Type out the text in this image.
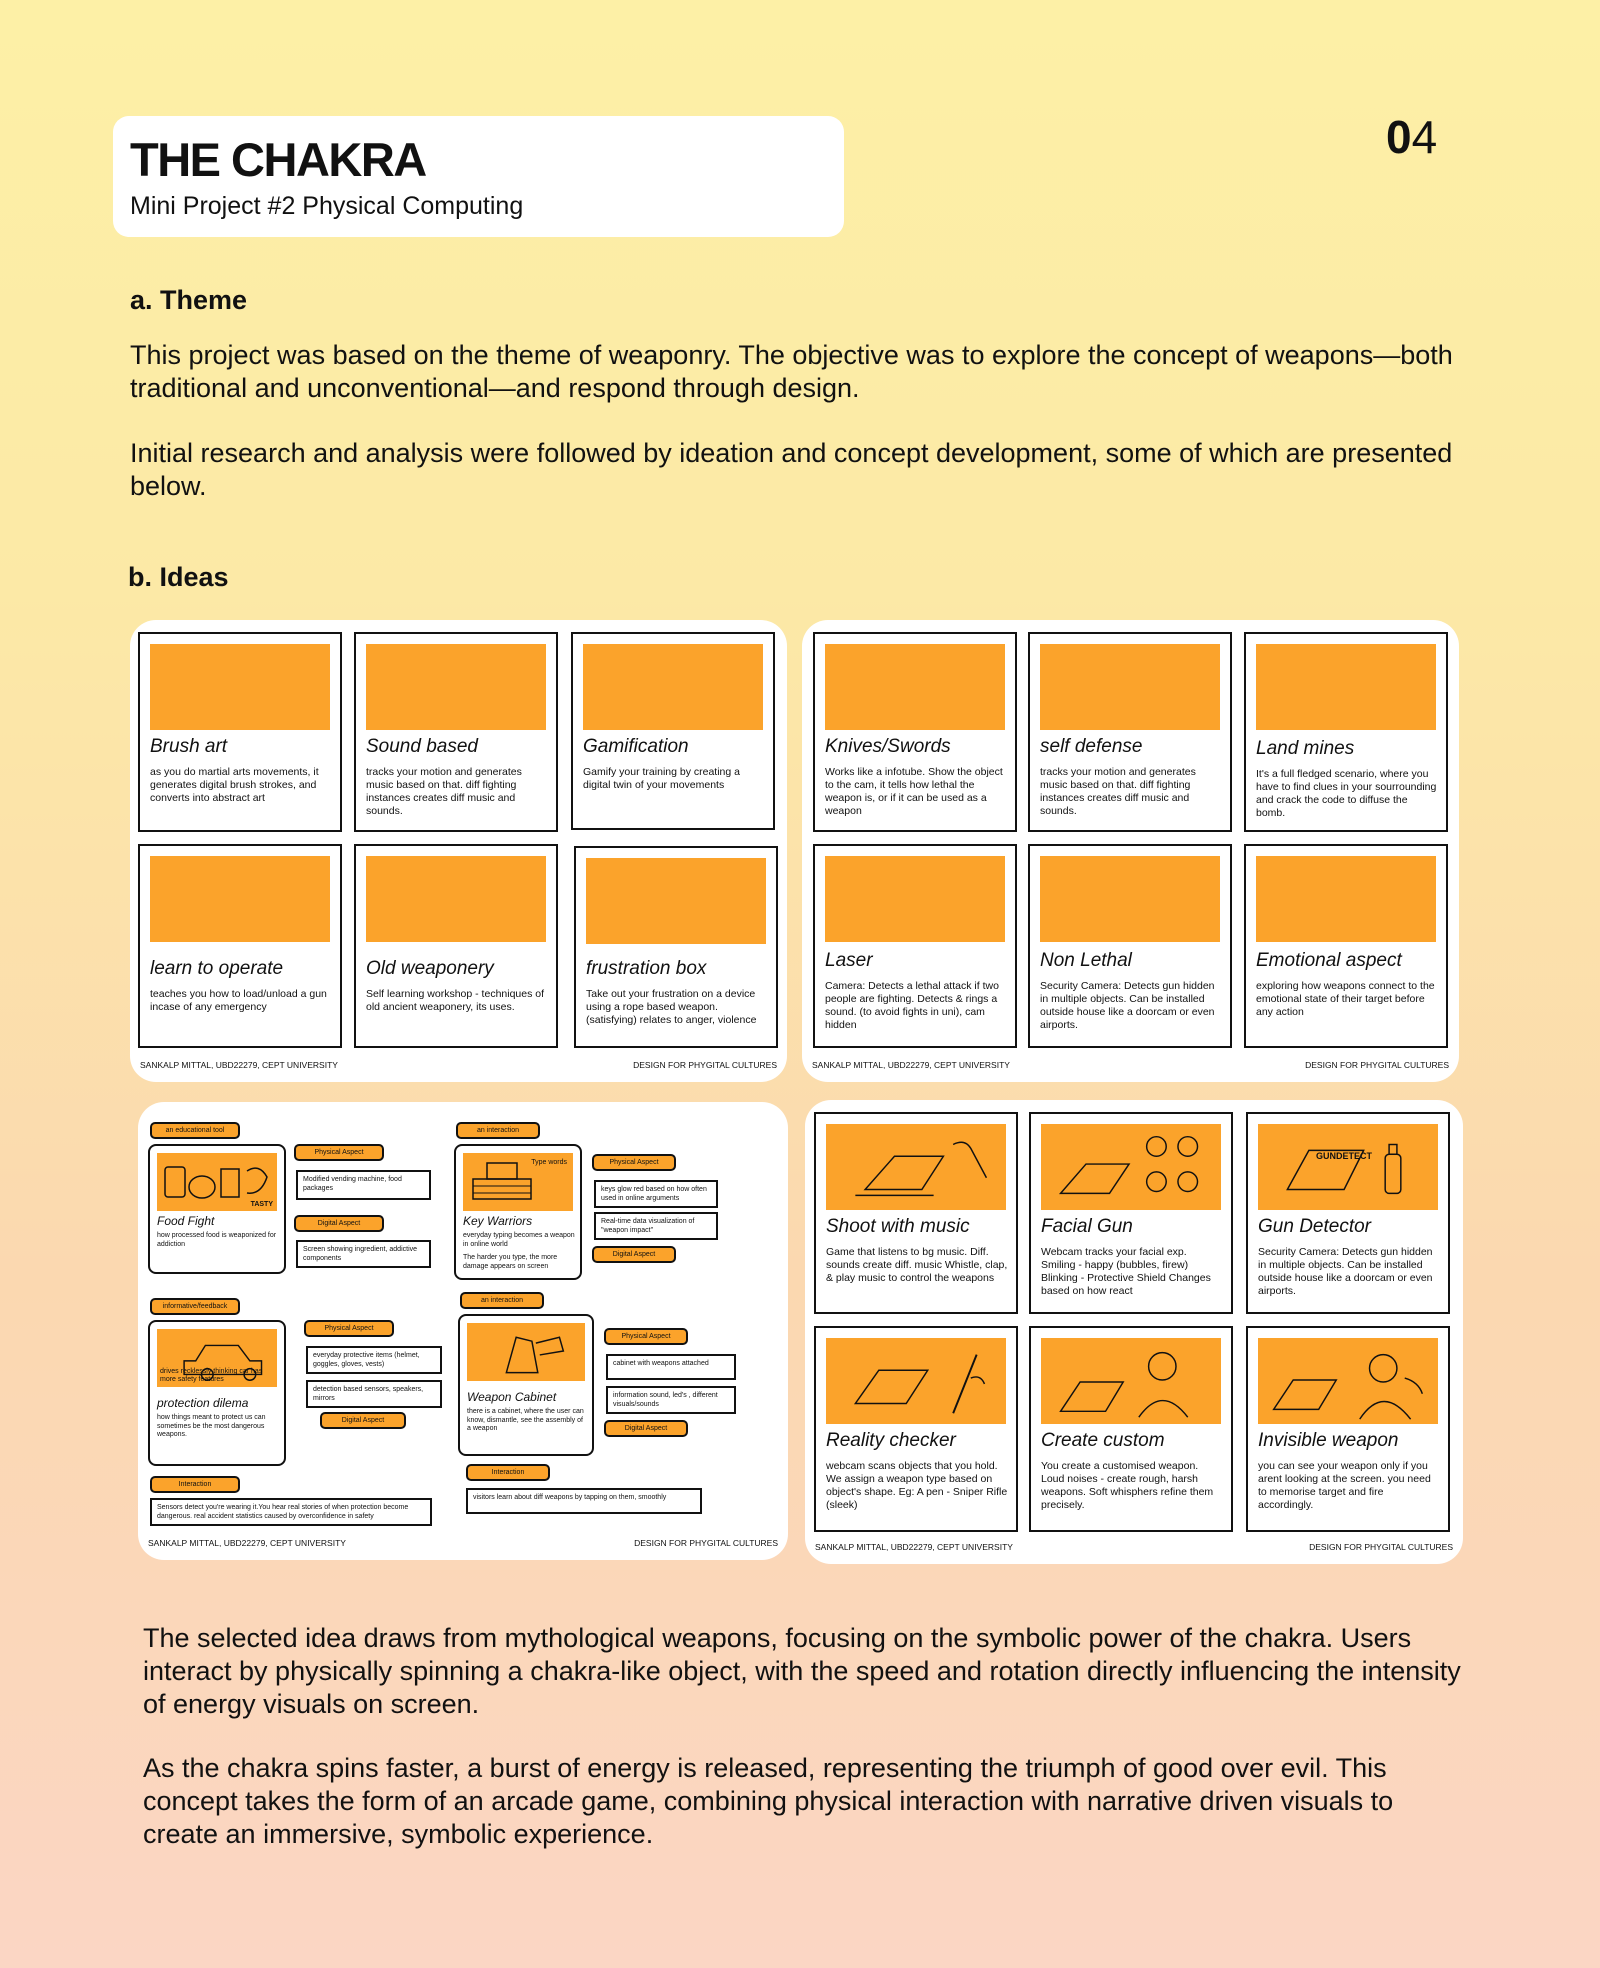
THE CHAKRA
Mini Project #2 Physical Computing
04
a. Theme
This project was based on the theme of weaponry. The objective was to explore the concept of weapons—both traditional and unconventional—and respond through design.
Initial research and analysis were followed by ideation and concept development, some of which are presented below.
b. Ideas
Brush art
as you do martial arts movements, it generates digital brush strokes, and converts into abstract art
Sound based
tracks your motion and generates music based on that. diff fighting instances creates diff music and sounds.
Gamification
Gamify your training by creating a digital twin of your movements
learn to operate
teaches you how to load/unload a gun incase of any emergency
Old weaponery
Self learning workshop - techniques of old ancient weaponery, its uses.
frustration box
Take out your frustration on a device using a rope based weapon. (satisfying) relates to anger, violence
SANKALP MITTAL, UBD22279, CEPT UNIVERSITY	DESIGN FOR PHYGITAL CULTURES
Knives/Swords
Works like a infotube. Show the object to the cam, it tells how lethal the weapon is, or if it can be used as a weapon
self defense
tracks your motion and generates music based on that. diff fighting instances creates diff music and sounds.
Land mines
It's a full fledged scenario, where you have to find clues in your sourrounding and crack the code to diffuse the bomb.
Laser
Camera: Detects a lethal attack if two people are fighting. Detects & rings a sound. (to avoid fights in uni), cam hidden
Non Lethal
Security Camera: Detects gun hidden in multiple objects. Can be installed outside house like a doorcam or even airports.
Emotional aspect
exploring how weapons connect to the emotional state of their target before any action
SANKALP MITTAL, UBD22279, CEPT UNIVERSITY	DESIGN FOR PHYGITAL CULTURES
an educational tool
TASTY
Food Fight
how processed food is weaponized for addiction
Physical Aspect
Modified vending machine, food packages
Digital Aspect
Screen showing ingredient, addictive components
an interaction
Type words
Key Warriors
everyday typing becomes a weapon in online world
The harder you type, the more damage appears on screen
Physical Aspect
keys glow red based on how often used in online arguments
Real-time data visualization of "weapon impact"
Digital Aspect
informative/feedback
drives recklessly thinking car has more safety features
protection dilema
how things meant to protect us can sometimes be the most dangerous weapons.
Physical Aspect
everyday protective items (helmet, goggles, gloves, vests)
detection based sensors, speakers, mirrors
Digital Aspect
Interaction
Sensors detect you're wearing it.You hear real stories of when protection become dangerous. real accident statistics caused by overconfidence in safety
an interaction
Weapon Cabinet
there is a cabinet, where the user can know, dismantle, see the assembly of a weapon
Physical Aspect
cabinet with weapons attached
information sound, led's , different visuals/sounds
Digital Aspect
Interaction
visitors learn about diff weapons by tapping on them, smoothly
SANKALP MITTAL, UBD22279, CEPT UNIVERSITY	DESIGN FOR PHYGITAL CULTURES
Shoot with music
Game that listens to bg music. Diff. sounds create diff. music Whistle, clap, & play music to control the weapons
Facial Gun
Webcam tracks your facial exp. Smiling - happy (bubbles, firew) Blinking - Protective Shield Changes based on how react
GUNDETECT
Gun Detector
Security Camera: Detects gun hidden in multiple objects. Can be installed outside house like a doorcam or even airports.
Reality checker
webcam scans objects that you hold. We assign a weapon type based on object's shape. Eg: A pen - Sniper Rifle (sleek)
Create custom
You create a customised weapon. Loud noises - create rough, harsh weapons. Soft whisphers refine them precisely.
Invisible weapon
you can see your weapon only if you arent looking at the screen. you need to memorise target and fire accordingly.
SANKALP MITTAL, UBD22279, CEPT UNIVERSITY	DESIGN FOR PHYGITAL CULTURES
The selected idea draws from mythological weapons, focusing on the symbolic power of the chakra. Users interact by physically spinning a chakra-like object, with the speed and rotation directly influencing the intensity of energy visuals on screen.
As the chakra spins faster, a burst of energy is released, representing the triumph of good over evil. This concept takes the form of an arcade game, combining physical interaction with narrative driven visuals to create an immersive, symbolic experience.
